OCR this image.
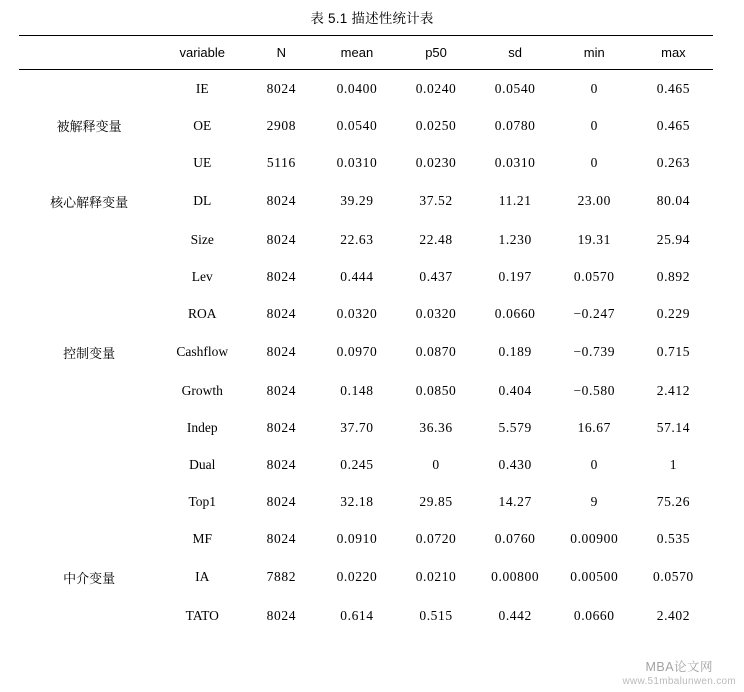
表 5.1 描述性统计表
	variable	N	mean	p50	sd	min	max
被解释变量	IE	8024	0.0400	0.0240	0.0540	0	0.465
	OE	2908	0.0540	0.0250	0.0780	0	0.465
	UE	5116	0.0310	0.0230	0.0310	0	0.263
核心解释变量	DL	8024	39.29	37.52	11.21	23.00	80.04
	Size	8024	22.63	22.48	1.230	19.31	25.94
	Lev	8024	0.444	0.437	0.197	0.0570	0.892
	ROA	8024	0.0320	0.0320	0.0660	−0.247	0.229
控制变量	Cashflow	8024	0.0970	0.0870	0.189	−0.739	0.715
	Growth	8024	0.148	0.0850	0.404	−0.580	2.412
	Indep	8024	37.70	36.36	5.579	16.67	57.14
	Dual	8024	0.245	0	0.430	0	1
	Top1	8024	32.18	29.85	14.27	9	75.26
	MF	8024	0.0910	0.0720	0.0760	0.00900	0.535
中介变量	IA	7882	0.0220	0.0210	0.00800	0.00500	0.0570
	TATO	8024	0.614	0.515	0.442	0.0660	2.402
MBA论文网
www.51mbalunwen.com
